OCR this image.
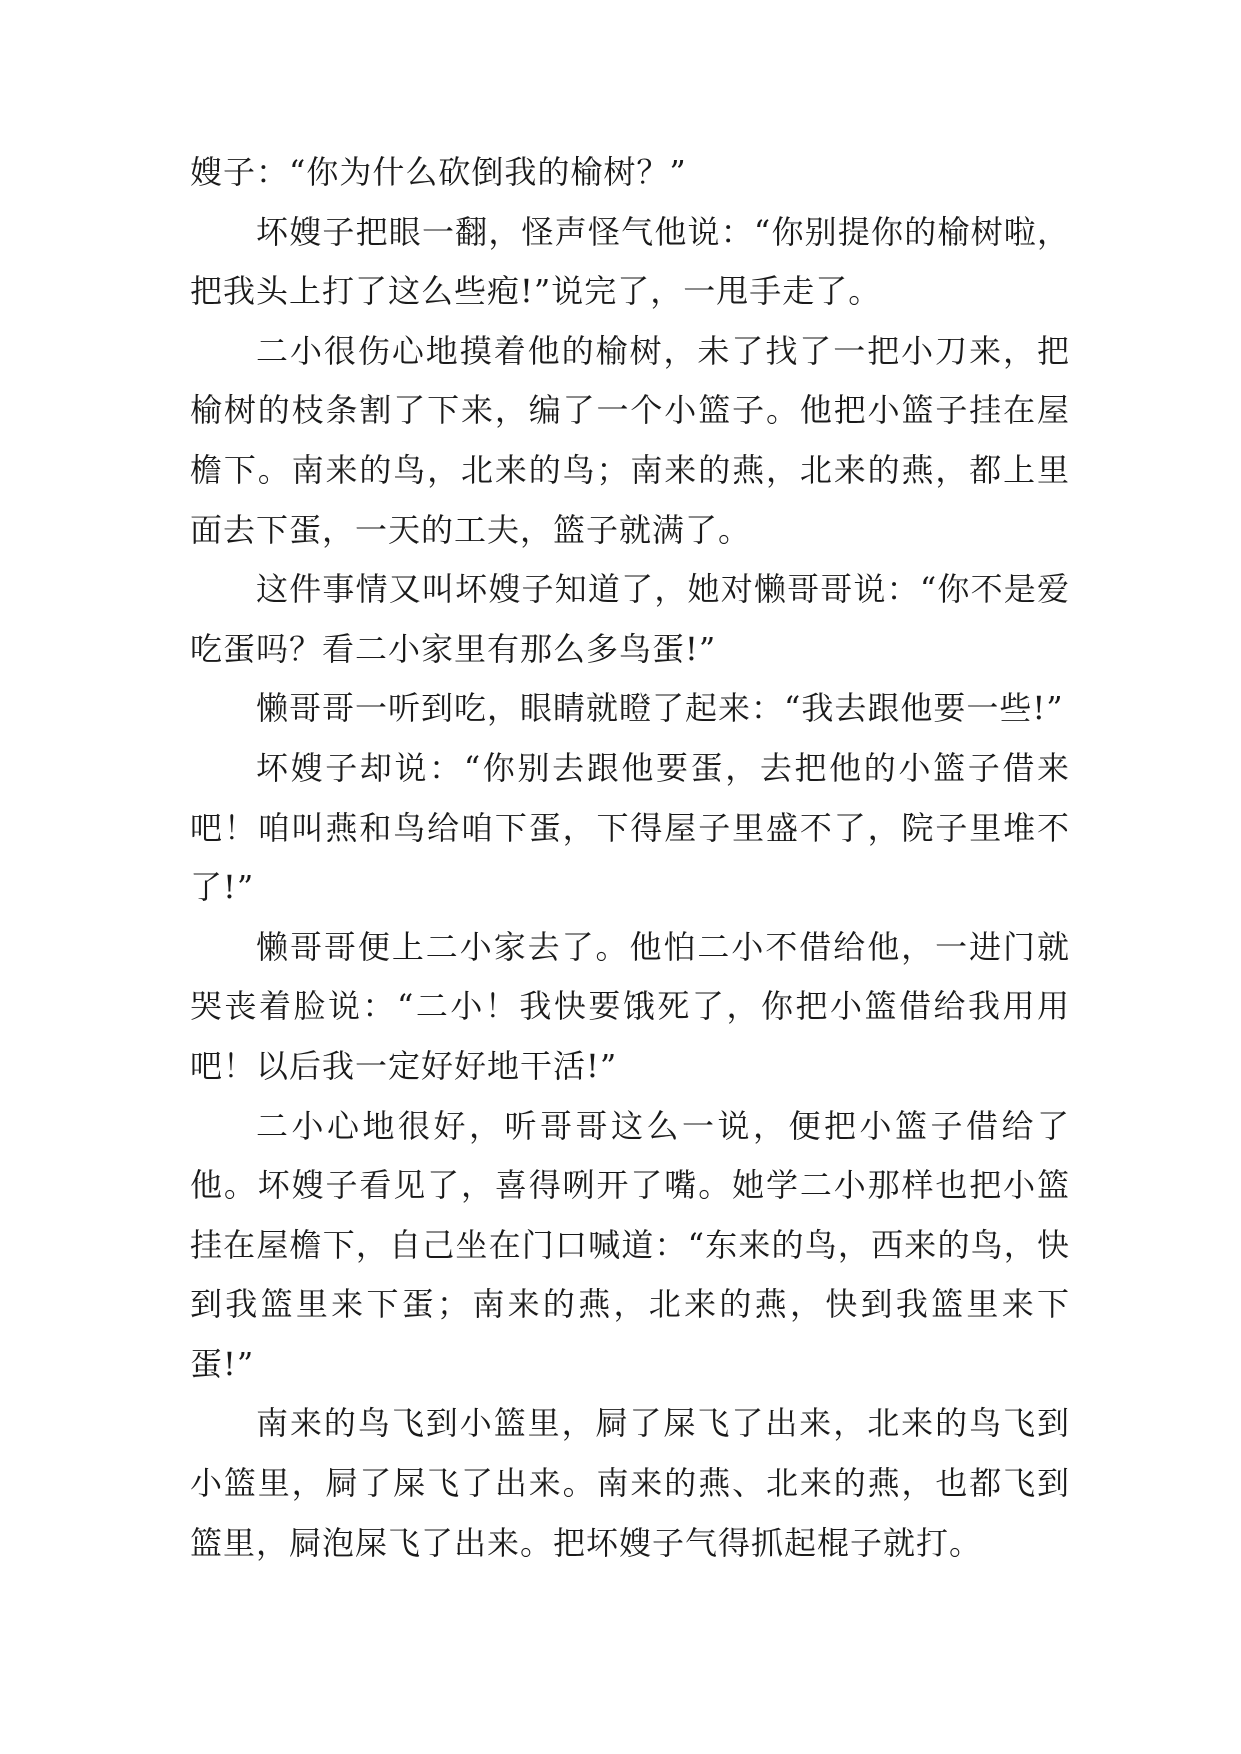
嫂子：“你为什么砍倒我的榆树？”

坏嫂子把眼一翻，怪声怪气他说：“你别提你的榆树啦，把我头上打了这么些疱!”说完了，一甩手走了。

二小很伤心地摸着他的榆树，未了找了一把小刀来，把榆树的枝条割了下来，编了一个小篮子。他把小篮子挂在屋檐下。南来的鸟，北来的鸟；南来的燕，北来的燕，都上里面去下蛋，一天的工夫，篮子就满了。

这件事情又叫坏嫂子知道了，她对懒哥哥说：“你不是爱吃蛋吗？看二小家里有那么多鸟蛋!”

懒哥哥一听到吃，眼睛就瞪了起来：“我去跟他要一些!”

坏嫂子却说：“你别去跟他要蛋，去把他的小篮子借来吧！咱叫燕和鸟给咱下蛋，下得屋子里盛不了，院子里堆不了!”

懒哥哥便上二小家去了。他怕二小不借给他，一进门就哭丧着脸说：“二小！我快要饿死了，你把小篮借给我用用吧！以后我一定好好地干活!”

二小心地很好，听哥哥这么一说，便把小篮子借给了他。坏嫂子看见了，喜得咧开了嘴。她学二小那样也把小篮挂在屋檐下，自己坐在门口喊道：“东来的鸟，西来的鸟，快到我篮里来下蛋；南来的燕，北来的燕，快到我篮里来下蛋!”

南来的鸟飞到小篮里，屙了屎飞了出来，北来的鸟飞到小篮里，屙了屎飞了出来。南来的燕、北来的燕，也都飞到篮里，屙泡屎飞了出来。把坏嫂子气得抓起棍子就打。
